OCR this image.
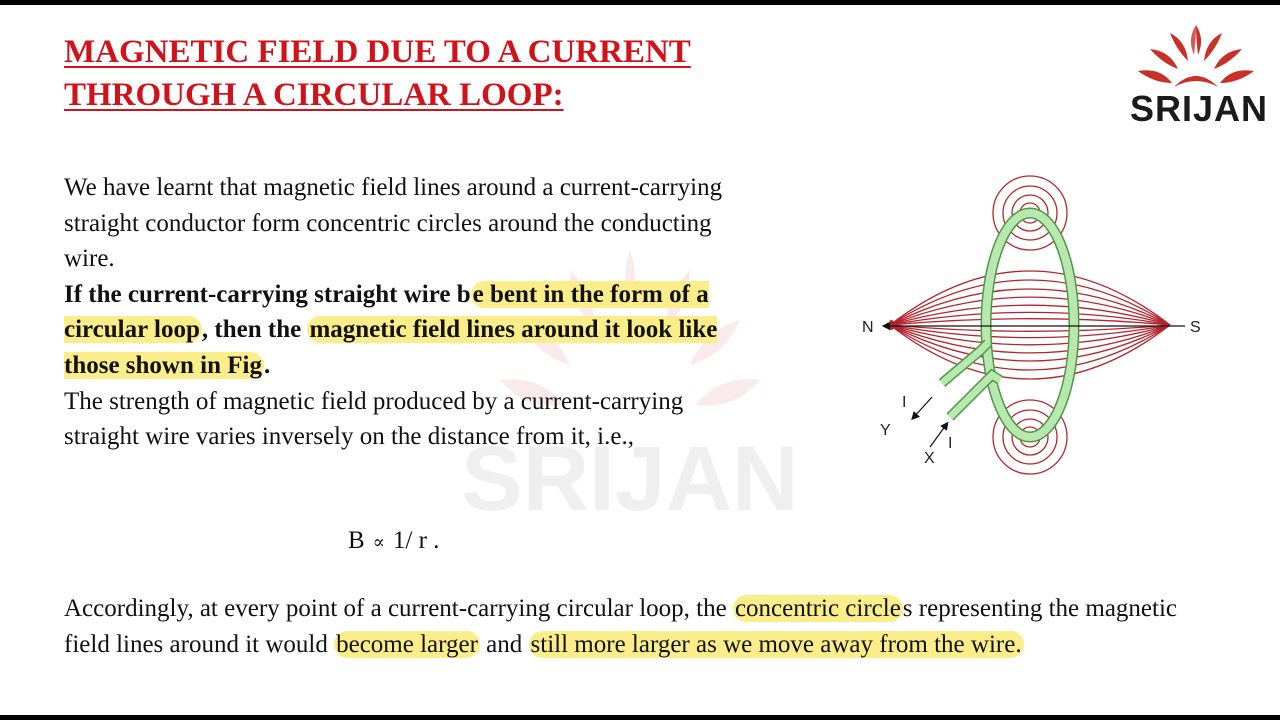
SRIJAN
MAGNETIC FIELD DUE TO A CURRENT
THROUGH A CIRCULAR LOOP:	SRIJAN

We have learnt that magnetic field lines around a current-carrying straight conductor form concentric circles around the conducting wire.

If the current-carrying straight wire be bent in the form of a circular loop, then the magnetic field lines around it look like those shown in Fig.

The strength of magnetic field produced by a current-carrying straight wire varies inversely on the distance from it, i.e.,

B ∝ 1/ r .

Accordingly, at every point of a current-carrying circular loop, the concentric circles representing the magnetic field lines around it would become larger and still more larger as we move away from the wire.

N	S
I
I
Y
X
